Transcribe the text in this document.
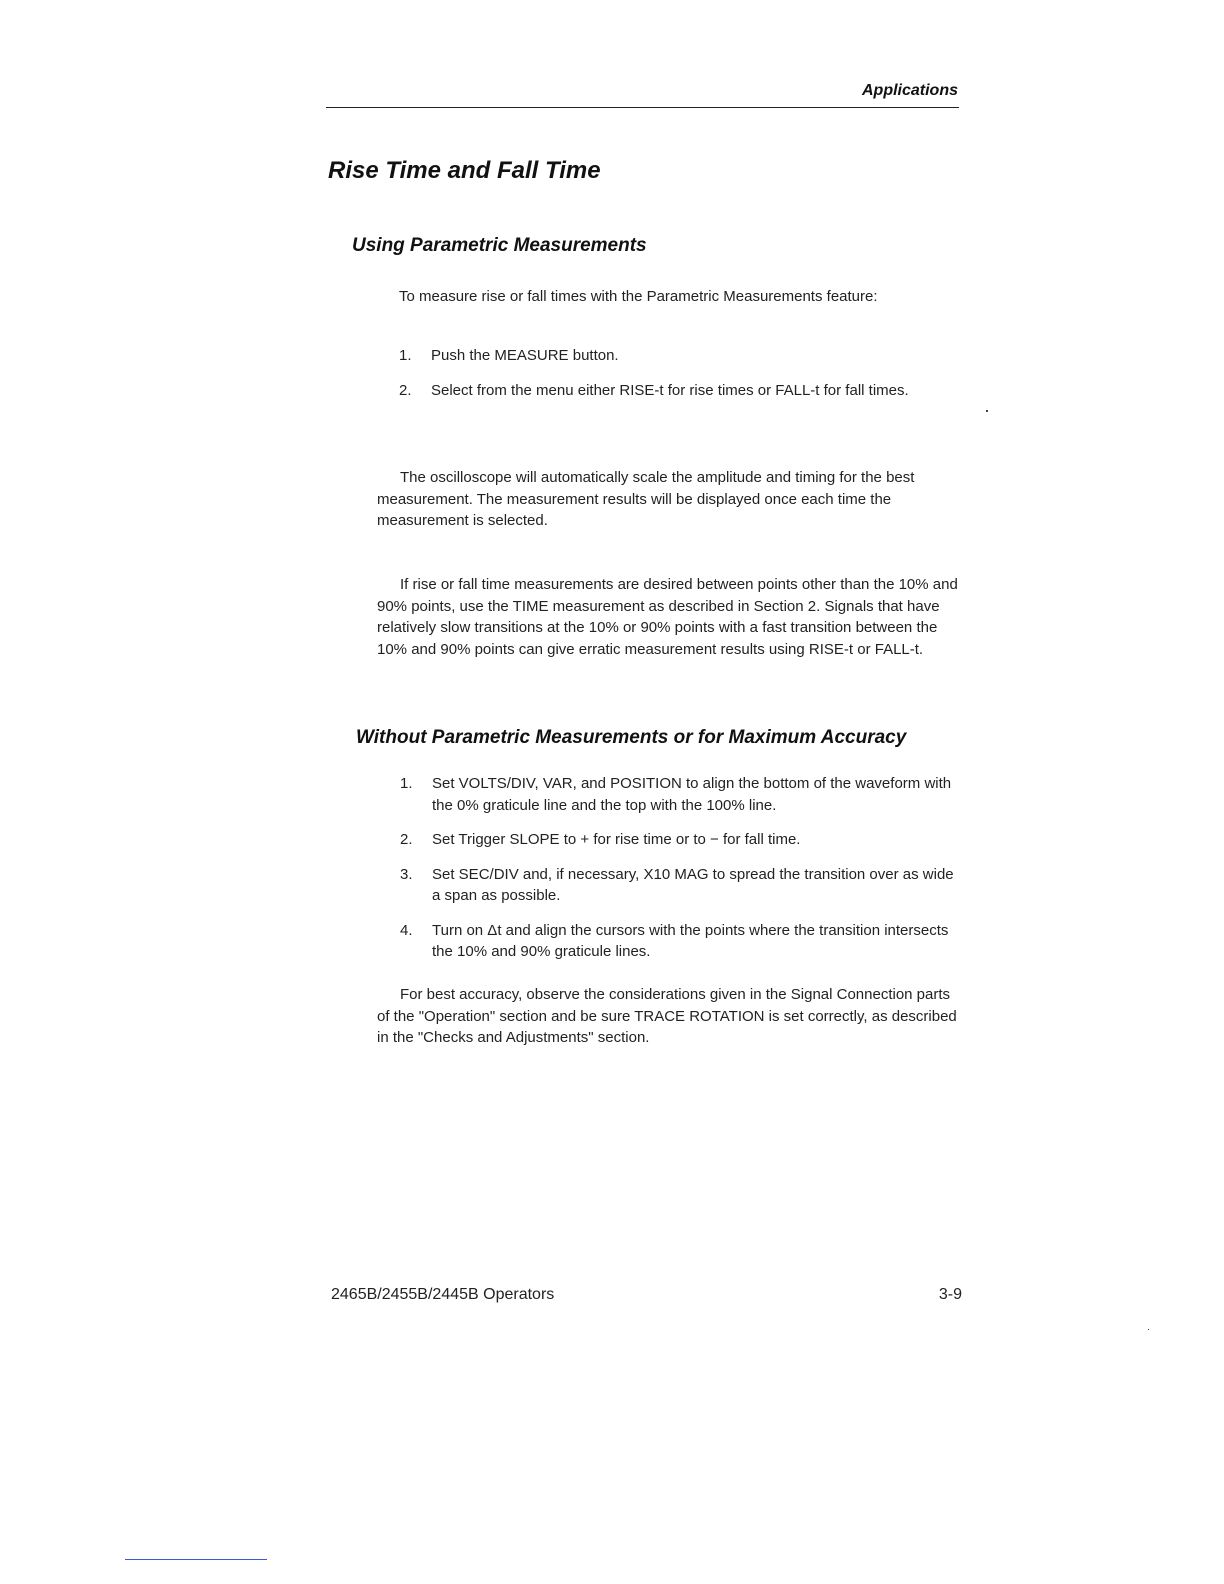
Applications
Rise Time and Fall Time
Using Parametric Measurements

To measure rise or fall times with the Parametric Measurements feature:

1.	Push the MEASURE button.
2.	Select from the menu either RISE-t for rise times or FALL-t for fall times.

The oscilloscope will automatically scale the amplitude and timing for the best measurement. The measurement results will be displayed once each time the measurement is selected.

If rise or fall time measurements are desired between points other than the 10% and 90% points, use the TIME measurement as described in Section 2. Signals that have relatively slow transitions at the 10% or 90% points with a fast transition between the 10% and 90% points can give erratic measurement results using RISE-t or FALL-t.

Without Parametric Measurements or for Maximum Accuracy
1.	Set VOLTS/DIV, VAR, and POSITION to align the bottom of the waveform with the 0% graticule line and the top with the 100% line.
2.	Set Trigger SLOPE to + for rise time or to − for fall time.
3.	Set SEC/DIV and, if necessary, X10 MAG to spread the transition over as wide a span as possible.
4.	Turn on Δt and align the cursors with the points where the transition intersects the 10% and 90% graticule lines.

For best accuracy, observe the considerations given in the Signal Connection parts of the "Operation" section and be sure TRACE ROTATION is set correctly, as described in the "Checks and Adjustments" section.

2465B/2455B/2445B Operators	3-9
